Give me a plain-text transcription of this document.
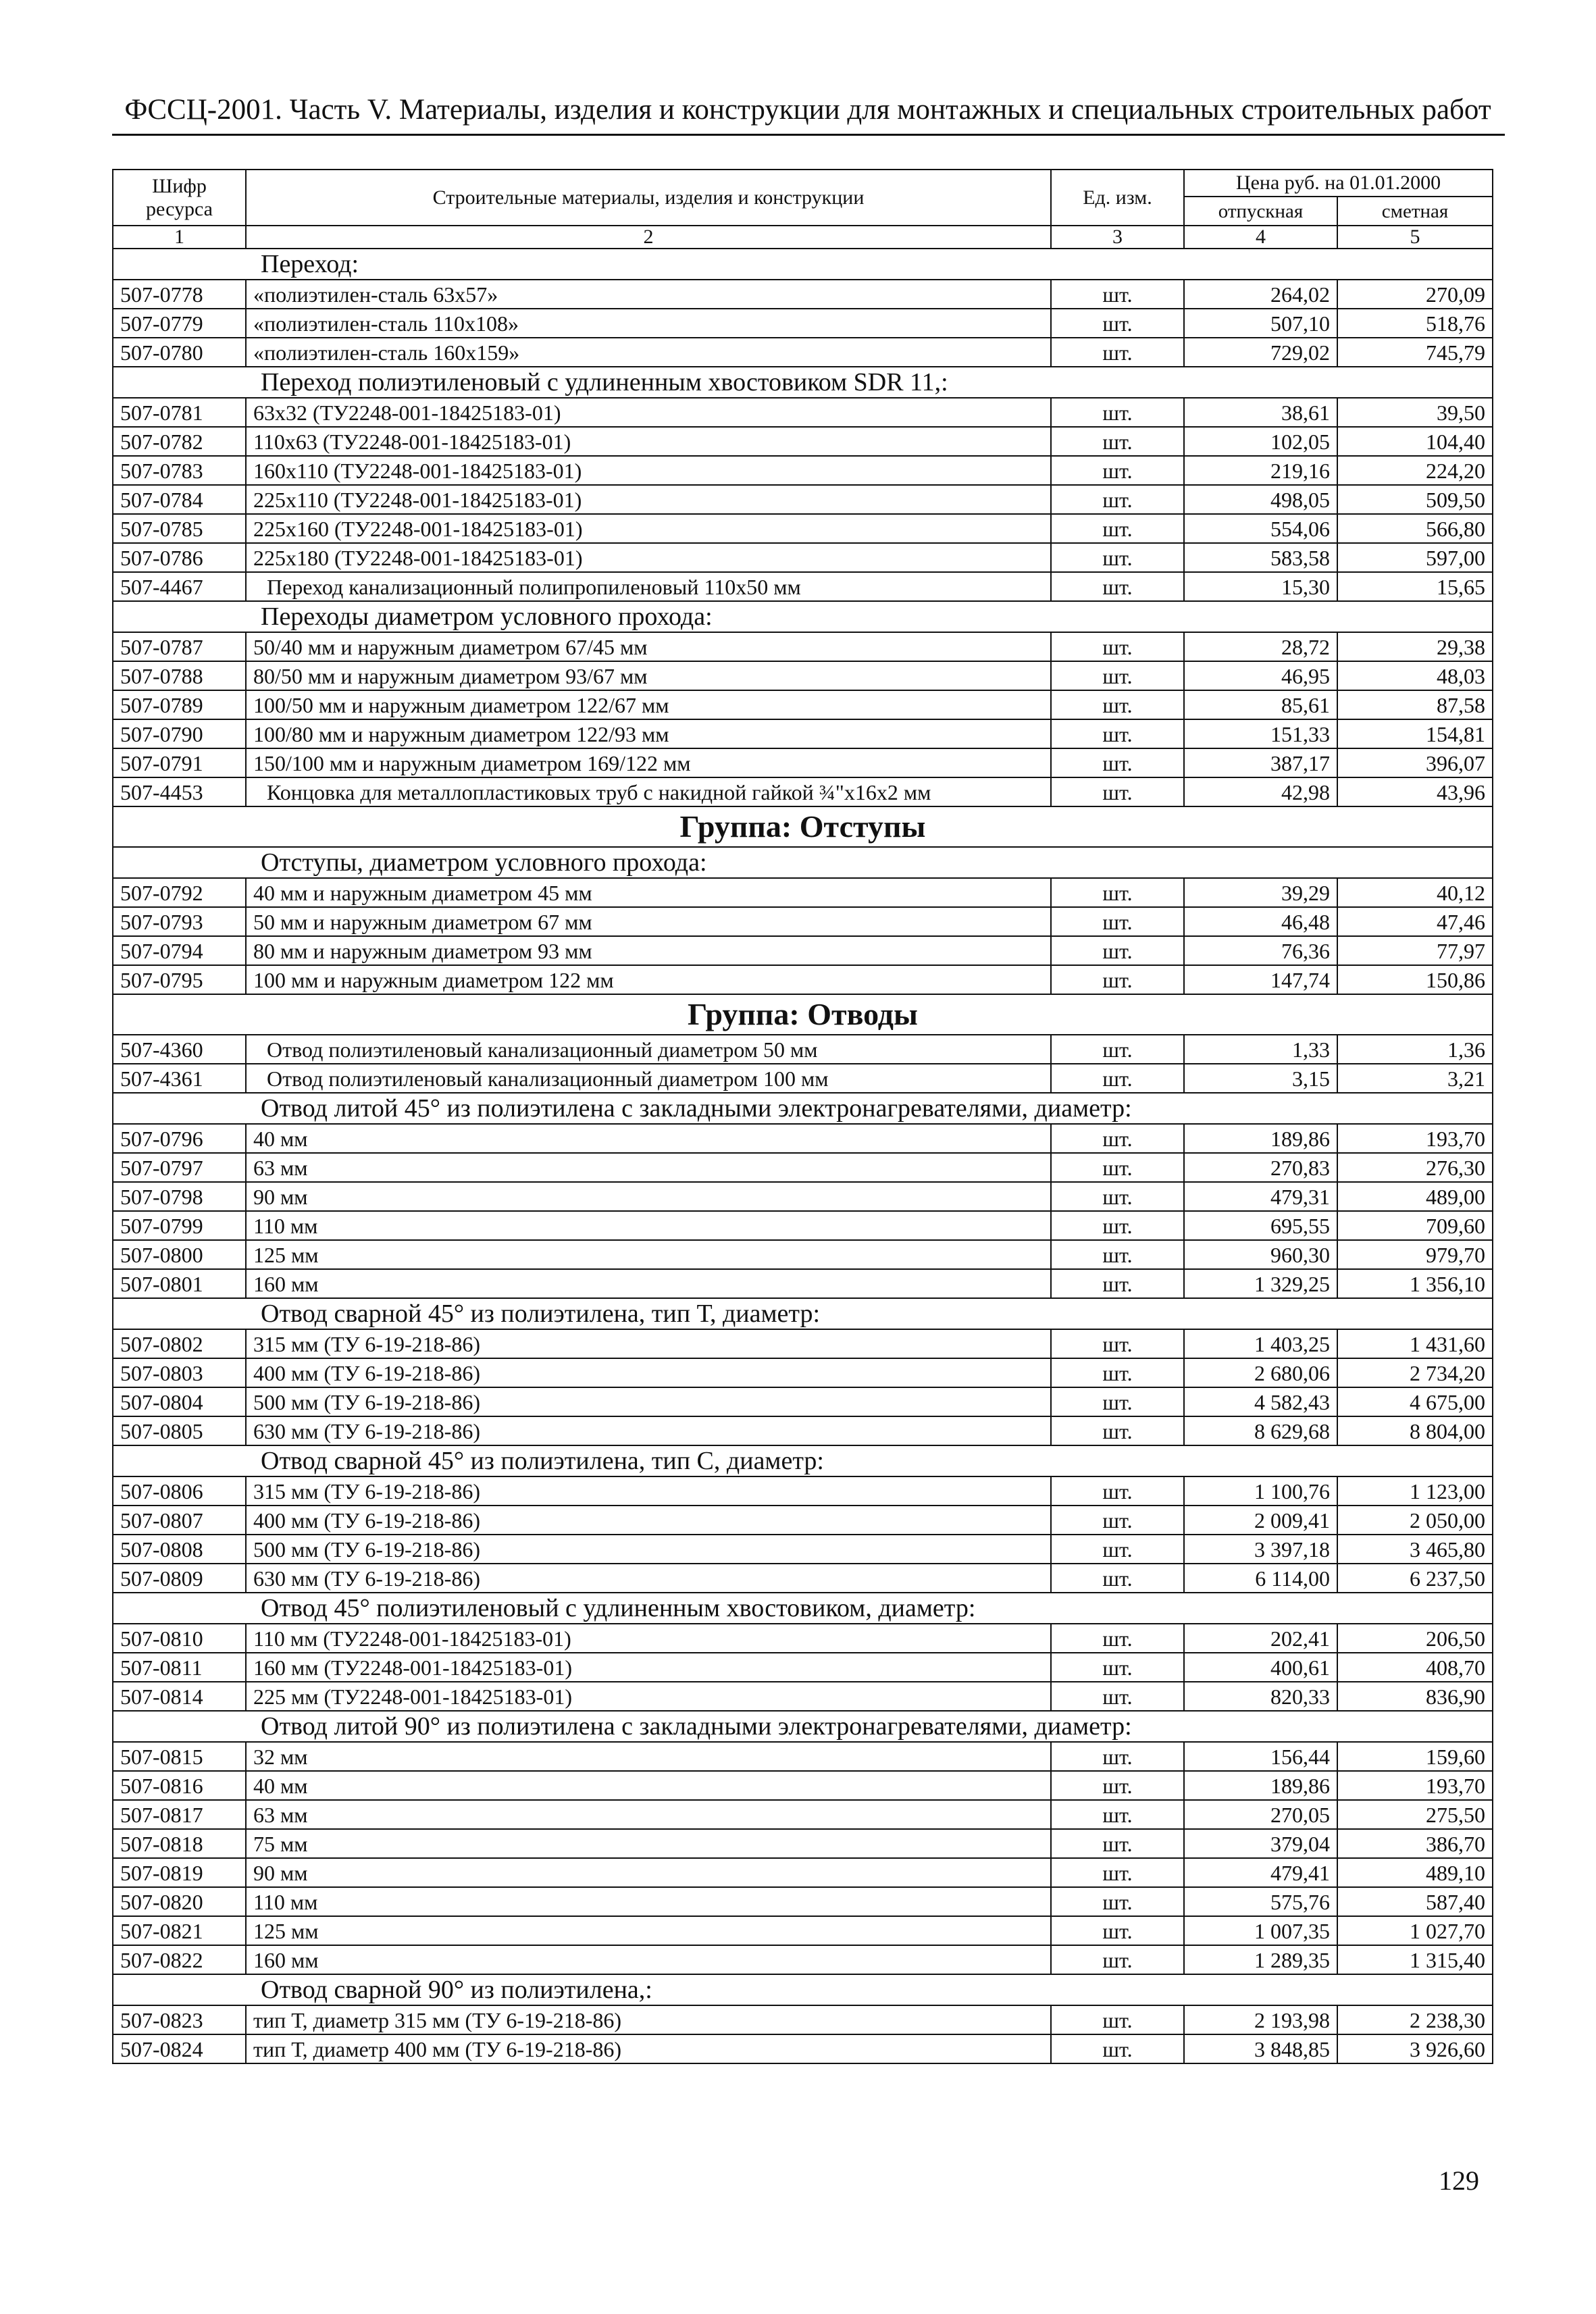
ФССЦ-2001. Часть V. Материалы, изделия и конструкции для монтажных и специальных строительных работ
Шифр ресурса	Строительные материалы, изделия и конструкции	Ед. изм.	Цена руб. на 01.01.2000	
			отпускная	сметная
1	2	3	4	5
Переход:				
507-0778	«полиэтилен-сталь 63х57»	шт.	264,02	270,09
507-0779	«полиэтилен-сталь 110х108»	шт.	507,10	518,76
507-0780	«полиэтилен-сталь 160х159»	шт.	729,02	745,79
Переход полиэтиленовый с удлиненным хвостовиком SDR 11,:				
507-0781	63х32 (ТУ2248-001-18425183-01)	шт.	38,61	39,50
507-0782	110х63 (ТУ2248-001-18425183-01)	шт.	102,05	104,40
507-0783	160х110 (ТУ2248-001-18425183-01)	шт.	219,16	224,20
507-0784	225х110 (ТУ2248-001-18425183-01)	шт.	498,05	509,50
507-0785	225х160 (ТУ2248-001-18425183-01)	шт.	554,06	566,80
507-0786	225х180 (ТУ2248-001-18425183-01)	шт.	583,58	597,00
507-4467	Переход канализационный полипропиленовый 110х50 мм	шт.	15,30	15,65
Переходы диаметром условного прохода:				
507-0787	50/40 мм и наружным диаметром 67/45 мм	шт.	28,72	29,38
507-0788	80/50 мм и наружным диаметром 93/67 мм	шт.	46,95	48,03
507-0789	100/50 мм и наружным диаметром 122/67 мм	шт.	85,61	87,58
507-0790	100/80 мм и наружным диаметром 122/93 мм	шт.	151,33	154,81
507-0791	150/100 мм и наружным диаметром 169/122 мм	шт.	387,17	396,07
507-4453	Концовка для металлопластиковых труб с накидной гайкой ¾"х16х2 мм	шт.	42,98	43,96
Группа: Отступы				
Отступы, диаметром условного прохода:				
507-0792	40 мм и наружным диаметром 45 мм	шт.	39,29	40,12
507-0793	50 мм и наружным диаметром 67 мм	шт.	46,48	47,46
507-0794	80 мм и наружным диаметром 93 мм	шт.	76,36	77,97
507-0795	100 мм и наружным диаметром 122 мм	шт.	147,74	150,86
Группа: Отводы				
507-4360	Отвод полиэтиленовый канализационный диаметром 50 мм	шт.	1,33	1,36
507-4361	Отвод полиэтиленовый канализационный диаметром 100 мм	шт.	3,15	3,21
Отвод литой 45° из полиэтилена с закладными электронагревателями, диаметр:				
507-0796	40 мм	шт.	189,86	193,70
507-0797	63 мм	шт.	270,83	276,30
507-0798	90 мм	шт.	479,31	489,00
507-0799	110 мм	шт.	695,55	709,60
507-0800	125 мм	шт.	960,30	979,70
507-0801	160 мм	шт.	1 329,25	1 356,10
Отвод сварной 45° из полиэтилена, тип Т, диаметр:				
507-0802	315 мм (ТУ 6-19-218-86)	шт.	1 403,25	1 431,60
507-0803	400 мм (ТУ 6-19-218-86)	шт.	2 680,06	2 734,20
507-0804	500 мм (ТУ 6-19-218-86)	шт.	4 582,43	4 675,00
507-0805	630 мм (ТУ 6-19-218-86)	шт.	8 629,68	8 804,00
Отвод сварной 45° из полиэтилена, тип С, диаметр:				
507-0806	315 мм (ТУ 6-19-218-86)	шт.	1 100,76	1 123,00
507-0807	400 мм (ТУ 6-19-218-86)	шт.	2 009,41	2 050,00
507-0808	500 мм (ТУ 6-19-218-86)	шт.	3 397,18	3 465,80
507-0809	630 мм (ТУ 6-19-218-86)	шт.	6 114,00	6 237,50
Отвод 45° полиэтиленовый с удлиненным хвостовиком, диаметр:				
507-0810	110 мм (ТУ2248-001-18425183-01)	шт.	202,41	206,50
507-0811	160 мм (ТУ2248-001-18425183-01)	шт.	400,61	408,70
507-0814	225 мм (ТУ2248-001-18425183-01)	шт.	820,33	836,90
Отвод литой 90° из полиэтилена с закладными электронагревателями, диаметр:				
507-0815	32 мм	шт.	156,44	159,60
507-0816	40 мм	шт.	189,86	193,70
507-0817	63 мм	шт.	270,05	275,50
507-0818	75 мм	шт.	379,04	386,70
507-0819	90 мм	шт.	479,41	489,10
507-0820	110 мм	шт.	575,76	587,40
507-0821	125 мм	шт.	1 007,35	1 027,70
507-0822	160 мм	шт.	1 289,35	1 315,40
Отвод сварной 90° из полиэтилена,:				
507-0823	тип Т, диаметр 315 мм (ТУ 6-19-218-86)	шт.	2 193,98	2 238,30
507-0824	тип Т, диаметр 400 мм (ТУ 6-19-218-86)	шт.	3 848,85	3 926,60
129
